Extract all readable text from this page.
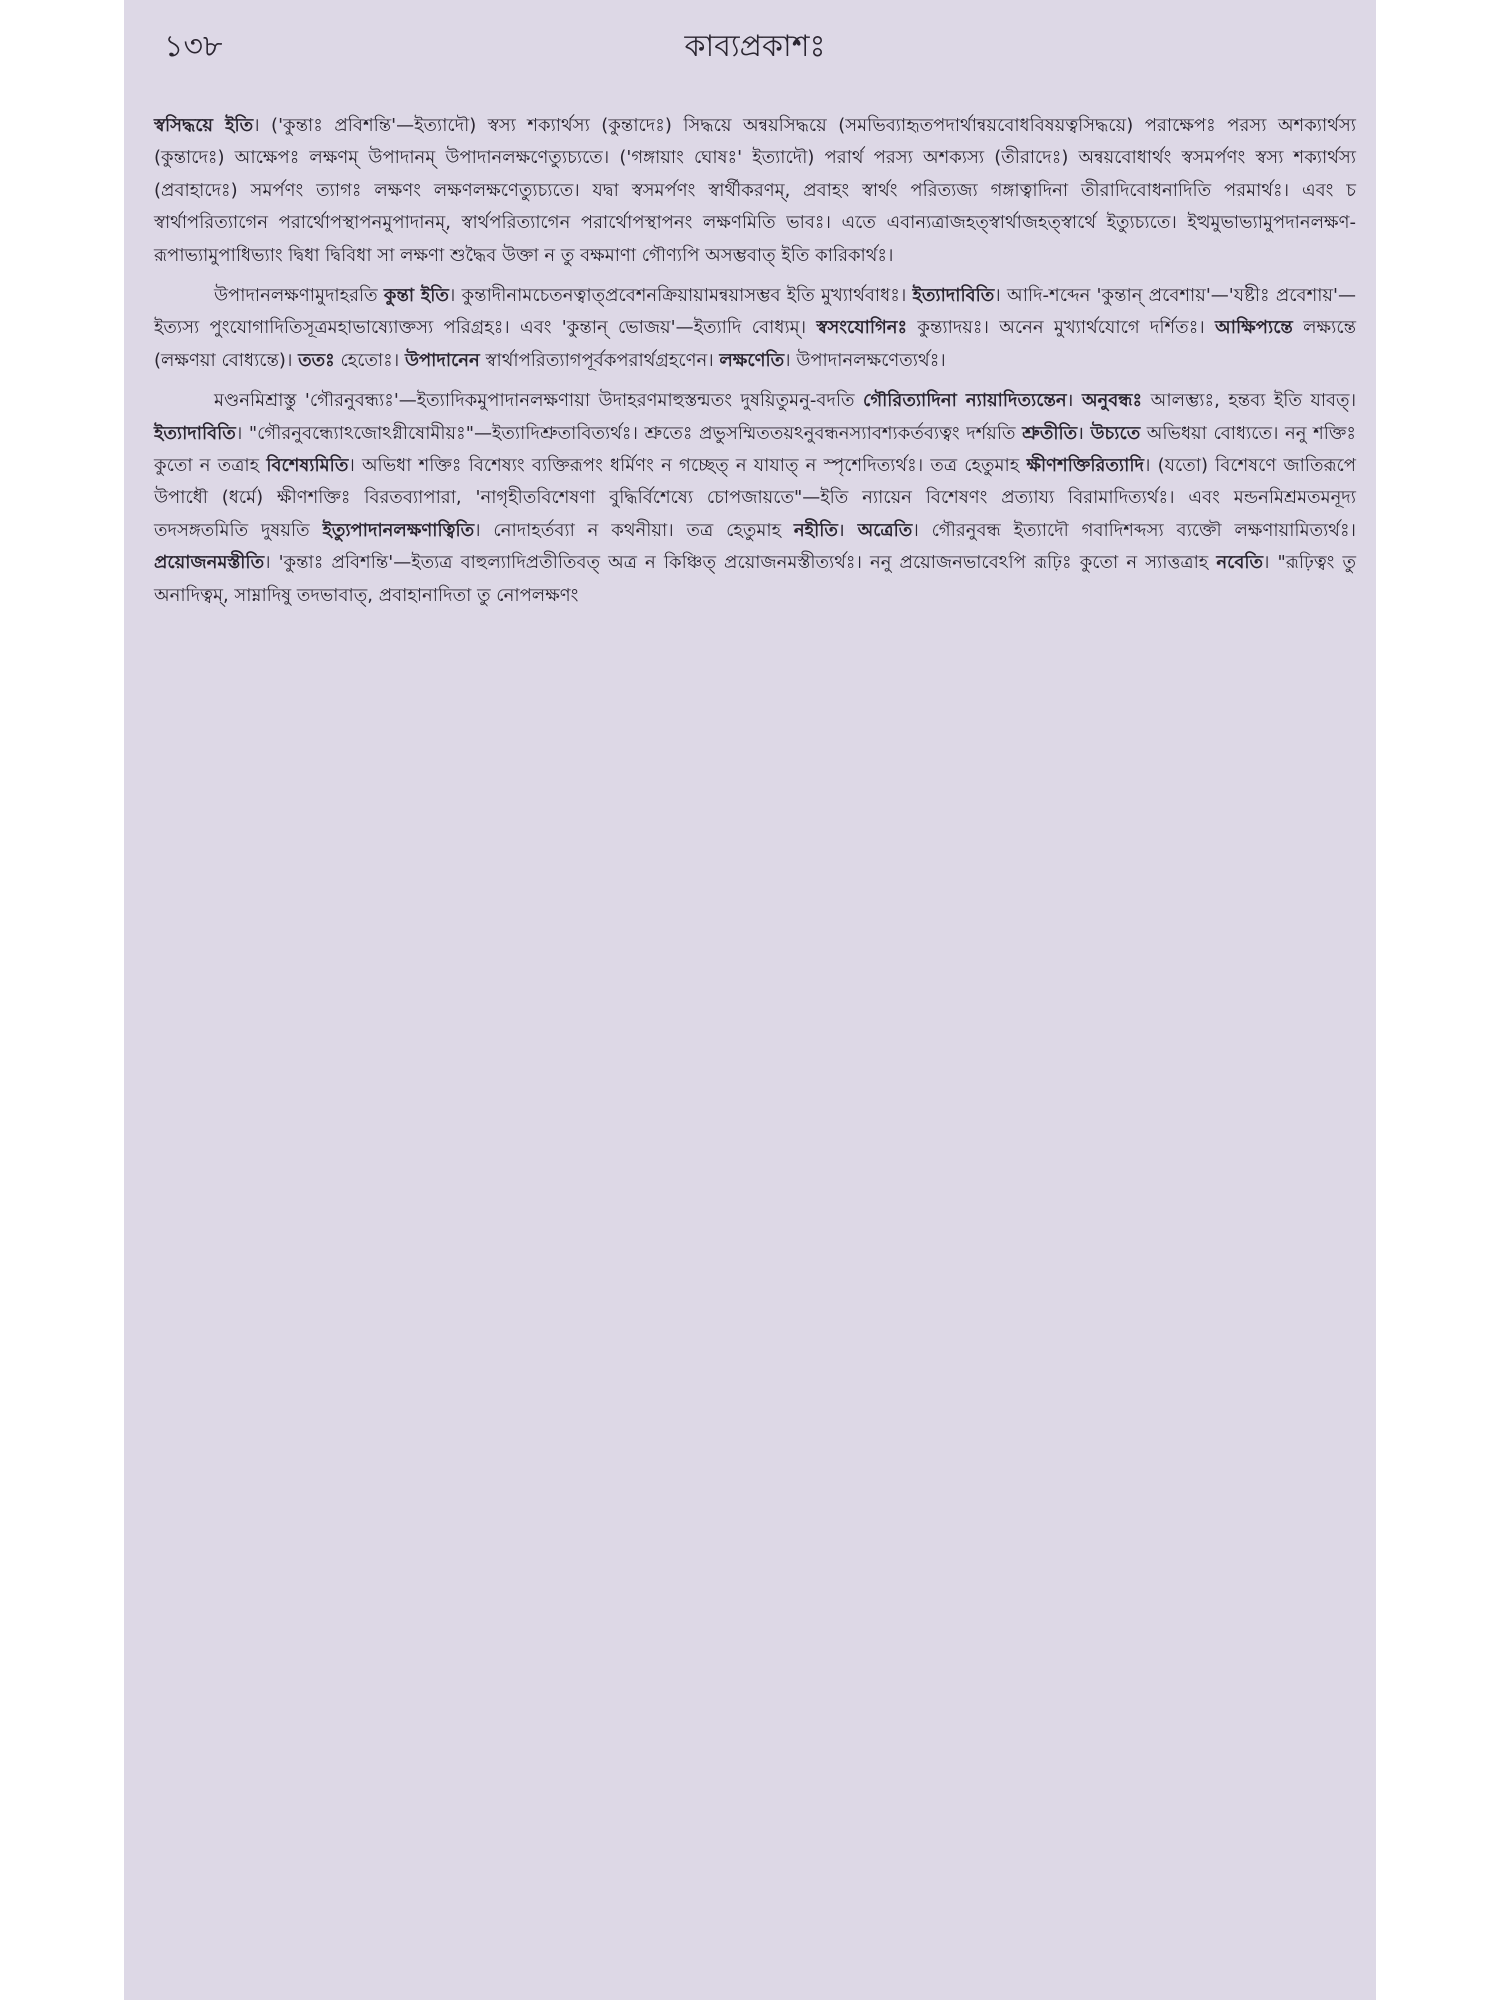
১৩৮	কাব্যপ্রকাশঃ

স্বসিদ্ধয়ে ইতি। ('কুন্তাঃ প্রবিশন্তি'—ইত্যাদৌ) স্বস্য শক্যার্থস্য (কুন্তাদেঃ) সিদ্ধয়ে অন্বয়সিদ্ধয়ে (সমভিব্যাহৃতপদার্থান্বয়বোধবিষয়ত্বসিদ্ধয়ে) পরাক্ষেপঃ পরস্য অশক্যার্থস্য (কুন্তাদেঃ) আক্ষেপঃ লক্ষণম্ উপাদানম্ উপাদানলক্ষণেত্যুচ্যতে। ('গঙ্গায়াং ঘোষঃ' ইত্যাদৌ) পরার্থ পরস্য অশক্যস্য (তীরাদেঃ) অন্বয়বোধার্থং স্বসমর্পণং স্বস্য শক্যার্থস্য (প্রবাহাদেঃ) সমর্পণং ত্যাগঃ লক্ষণং লক্ষণলক্ষণেত্যুচ্যতে। যদ্বা স্বসমর্পণং স্বার্থীকরণম্, প্রবাহং স্বার্থং পরিত্যজ্য গঙ্গাত্বাদিনা তীরাদিবোধনাদিতি পরমার্থঃ। এবং চ স্বার্থাপরিত্যাগেন পরার্থোপস্থাপনমুপাদানম্, স্বার্থপরিত্যাগেন পরার্থোপস্থাপনং লক্ষণমিতি ভাবঃ। এতে এবান্যত্রাজহত্স্বার্থাজহত্স্বার্থে ইত্যুচ্যতে। ইত্থমুভাভ্যামুপদানলক্ষণ-রূপাভ্যামুপাধিভ্যাং দ্বিধা দ্বিবিধা সা লক্ষণা শুদ্ধৈব উক্তা ন তু বক্ষমাণা গৌণ্যপি অসম্ভবাত্ ইতি কারিকার্থঃ।

উপাদানলক্ষণামুদাহরতি কুন্তা ইতি। কুন্তাদীনামচেতনত্বাত্প্রবেশনক্রিয়ায়ামন্বয়াসম্ভব ইতি মুখ্যার্থবাধঃ। ইত্যাদাবিতি। আদি-শব্দেন 'কুন্তান্ প্রবেশায়'—'যষ্টীঃ প্রবেশায়'—ইত্যস্য পুংযোগাদিতিসূত্রমহাভাষ্যোক্তস্য পরিগ্রহঃ। এবং 'কুন্তান্ ভোজয়'—ইত্যাদি বোধ্যম্। স্বসংযোগিনঃ কুন্ত্যাদয়ঃ। অনেন মুখ্যার্থযোগে দর্শিতঃ। আক্ষিপ্যন্তে লক্ষ্যন্তে (লক্ষণয়া বোধ্যন্তে)। ততঃ হেতোঃ। উপাদানেন স্বার্থাপরিত্যাগপূর্বকপরার্থগ্রহণেন। লক্ষণেতি। উপাদানলক্ষণেত্যর্থঃ।

মণ্ডনমিশ্রাস্তু 'গৌরনুবন্ধ্যঃ'—ইত্যাদিকমুপাদানলক্ষণায়া উদাহরণমাহুস্তন্মতং দুষয়িতুমনু-বদতি গৌরিত্যাদিনা ন্যায়াদিত্যন্তেন। অনুবন্ধঃ আলম্ভ্যঃ, হন্তব্য ইতি যাবত্। ইত্যাদাবিতি। "গৌরনুবন্ধ্যোঽজোঽগ্নীষোমীয়ঃ"—ইত্যাদিশ্রুতাবিত্যর্থঃ। শ্রুতেঃ প্রভুসম্মিততয়ঽনুবন্ধনস্যাবশ্যকর্তব্যত্বং দর্শয়তি শ্রুতীতি। উচ্যতে অভিধয়া বোধ্যতে। ননু শক্তিঃ কুতো ন তত্রাহ বিশেষ্যমিতি। অভিধা শক্তিঃ বিশেষ্যং ব্যক্তিরূপং ধর্মিণং ন গচ্ছেত্ ন যাযাত্ ন স্পৃশেদিত্যর্থঃ। তত্র হেতুমাহ ক্ষীণশক্তিরিত্যাদি। (যতো) বিশেষণে জাতিরূপে উপাধৌ (ধর্মে) ক্ষীণশক্তিঃ বিরতব্যাপারা, 'নাগৃহীতবিশেষণা বুদ্ধির্বিশেষ্যে চোপজায়তে"—ইতি ন্যায়েন বিশেষণং প্রত্যায্য বিরামাদিত্যর্থঃ। এবং মন্ডনমিশ্রমতমনূদ্য তদসঙ্গতমিতি দুষয়তি ইত্যুপাদানলক্ষণাত্বিতি। নোদাহর্তব্যা ন কথনীয়া। তত্র হেতুমাহ নহীতি। অত্রেতি। গৌরনুবন্ধ ইত্যাদৌ গবাদিশব্দস্য ব্যক্তৌ লক্ষণায়ামিত্যর্থঃ। প্রয়োজনমস্তীতি। 'কুন্তাঃ প্রবিশন্তি'—ইত্যত্র বাহুল্যাদিপ্রতীতিবত্ অত্র ন কিঞ্চিত্ প্রয়োজনমস্তীত্যর্থঃ। ননু প্রয়োজনভাবেঽপি রূঢ়িঃ কুতো ন স্যাত্তত্রাহ নবেতি। "রূঢ়িত্বং তু অনাদিত্বম্, সাম্নাদিষু তদভাবাত্, প্রবাহানাদিতা তু নোপলক্ষণং
